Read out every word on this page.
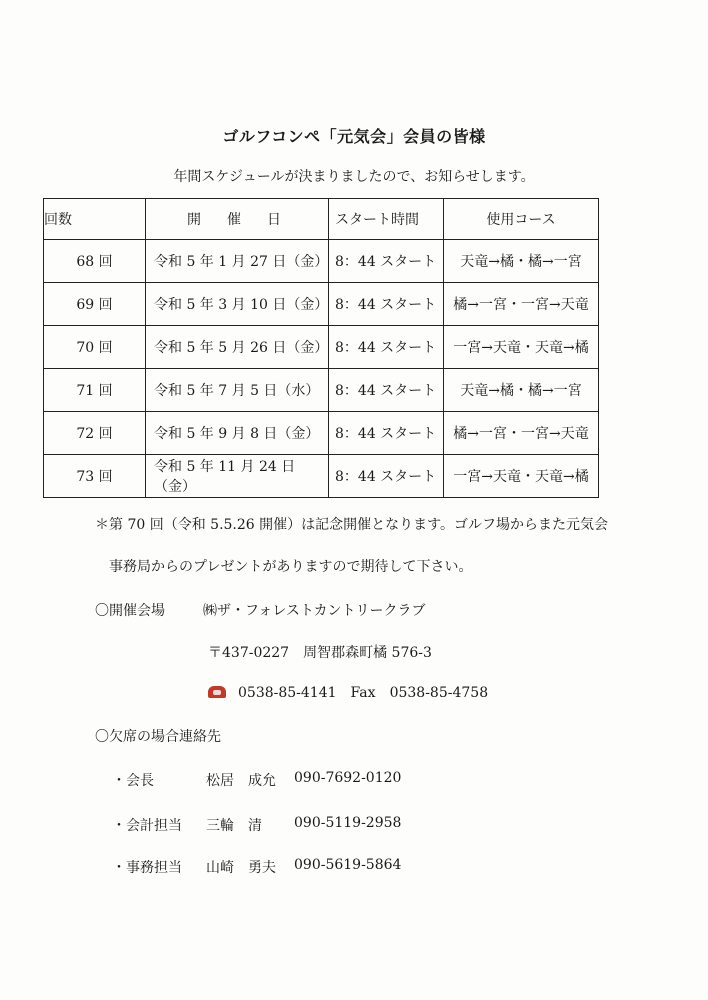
ゴルフコンペ「元気会」会員の皆様
年間スケジュールが決まりましたので、お知らせします。
回数	開　催　日	スタート時間	使用コース
68 回	令和 5 年 1 月 27 日（金）	8：44 スタート	天竜→橘・橘→一宮
69 回	令和 5 年 3 月 10 日（金）	8：44 スタート	橘→一宮・一宮→天竜
70 回	令和 5 年 5 月 26 日（金）	8：44 スタート	一宮→天竜・天竜→橘
71 回	令和 5 年 7 月 5 日（水）	8：44 スタート	天竜→橘・橘→一宮
72 回	令和 5 年 9 月 8 日（金）	8：44 スタート	橘→一宮・一宮→天竜
73 回	令和 5 年 11 月 24 日（金）	8：44 スタート	一宮→天竜・天竜→橘
＊第 70 回（令和 5.5.26 開催）は記念開催となります。ゴルフ場からまた元気会
事務局からのプレゼントがありますので期待して下さい。
〇開催会場	㈱ザ・フォレストカントリークラブ
〒437-0227　周智郡森町橘 576-3
0538-85-4141 Fax 0538-85-4758
〇欠席の場合連絡先
・会長	松居　成允 090-7692-0120
・会計担当 三輪　清 090-5119-2958
・事務担当 山崎　勇夫 090-5619-5864
